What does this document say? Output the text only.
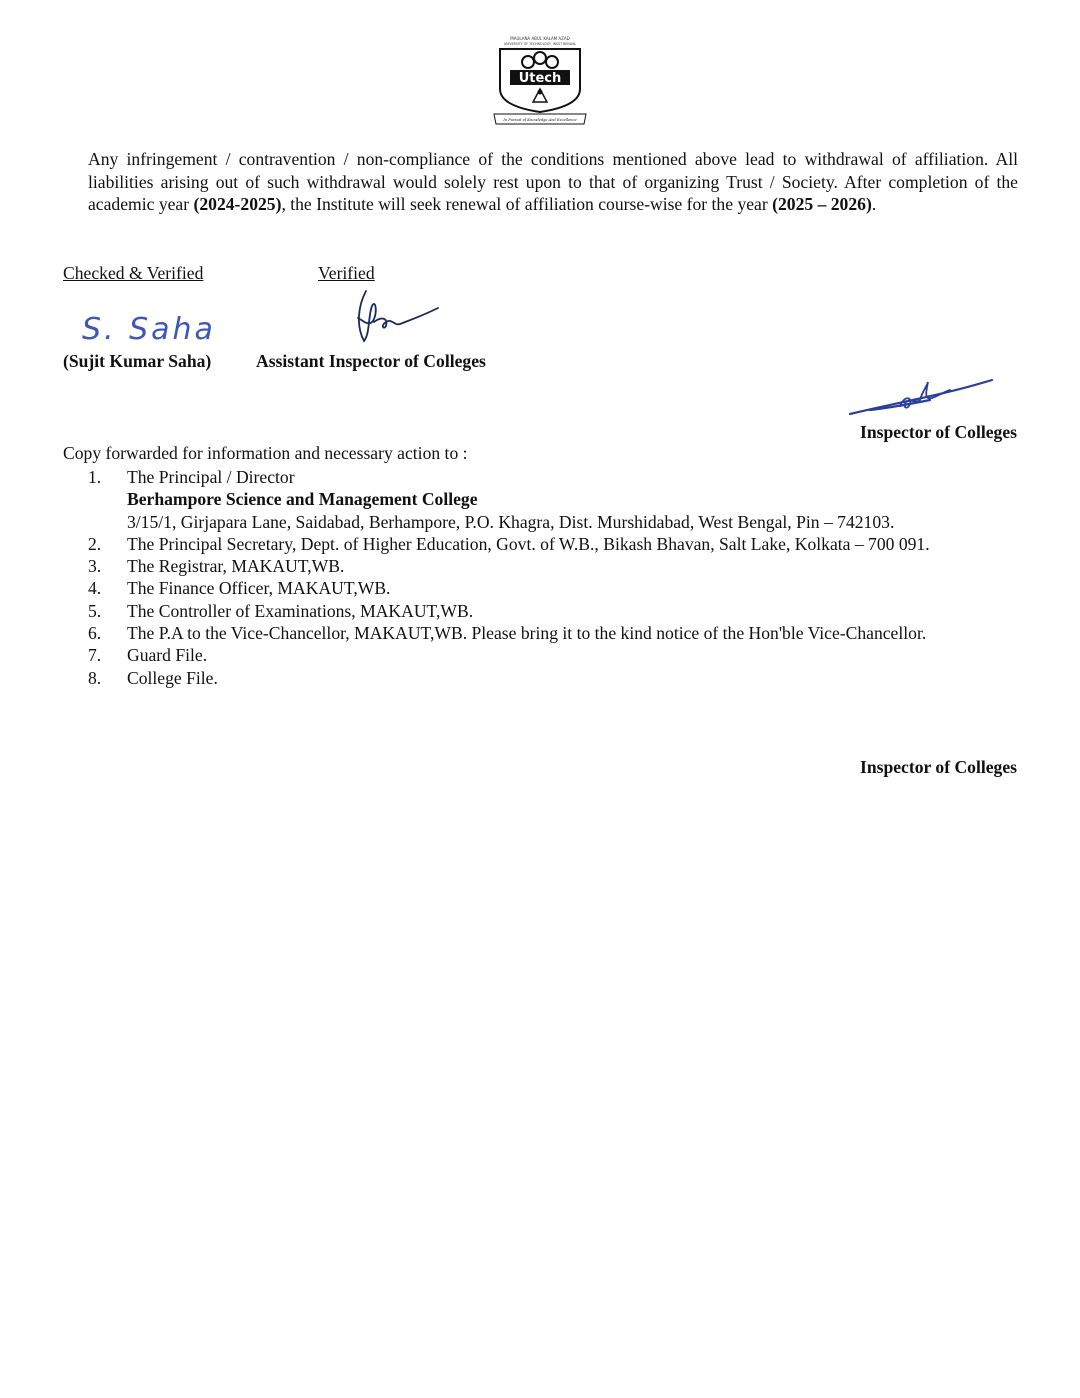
MAULANA ABUL KALAM AZAD
UNIVERSITY OF TECHNOLOGY, WEST BENGAL
Utech
In Pursuit of Knowledge And Excellence
Any infringement / contravention / non-compliance of the conditions mentioned above lead to withdrawal of affiliation. All liabilities arising out of such withdrawal would solely rest upon to that of organizing Trust / Society. After completion of the academic year (2024-2025), the Institute will seek renewal of affiliation course-wise for the year (2025 – 2026).
Checked & Verified	Verified
S. Saha
(Sujit Kumar Saha)	Assistant Inspector of Colleges
Inspector of Colleges
Copy forwarded for information and necessary action to :
1.	The Principal / Director
Berhampore Science and Management College
3/15/1, Girjapara Lane, Saidabad, Berhampore, P.O. Khagra, Dist. Murshidabad, West Bengal, Pin – 742103.
2.	The Principal Secretary, Dept. of Higher Education, Govt. of W.B., Bikash Bhavan, Salt Lake, Kolkata – 700 091.
3.	The Registrar, MAKAUT,WB.
4.	The Finance Officer, MAKAUT,WB.
5.	The Controller of Examinations, MAKAUT,WB.
6.	The P.A to the Vice-Chancellor, MAKAUT,WB. Please bring it to the kind notice of the Hon'ble Vice-Chancellor.
7.	Guard File.
8.	College File.
Inspector of Colleges
